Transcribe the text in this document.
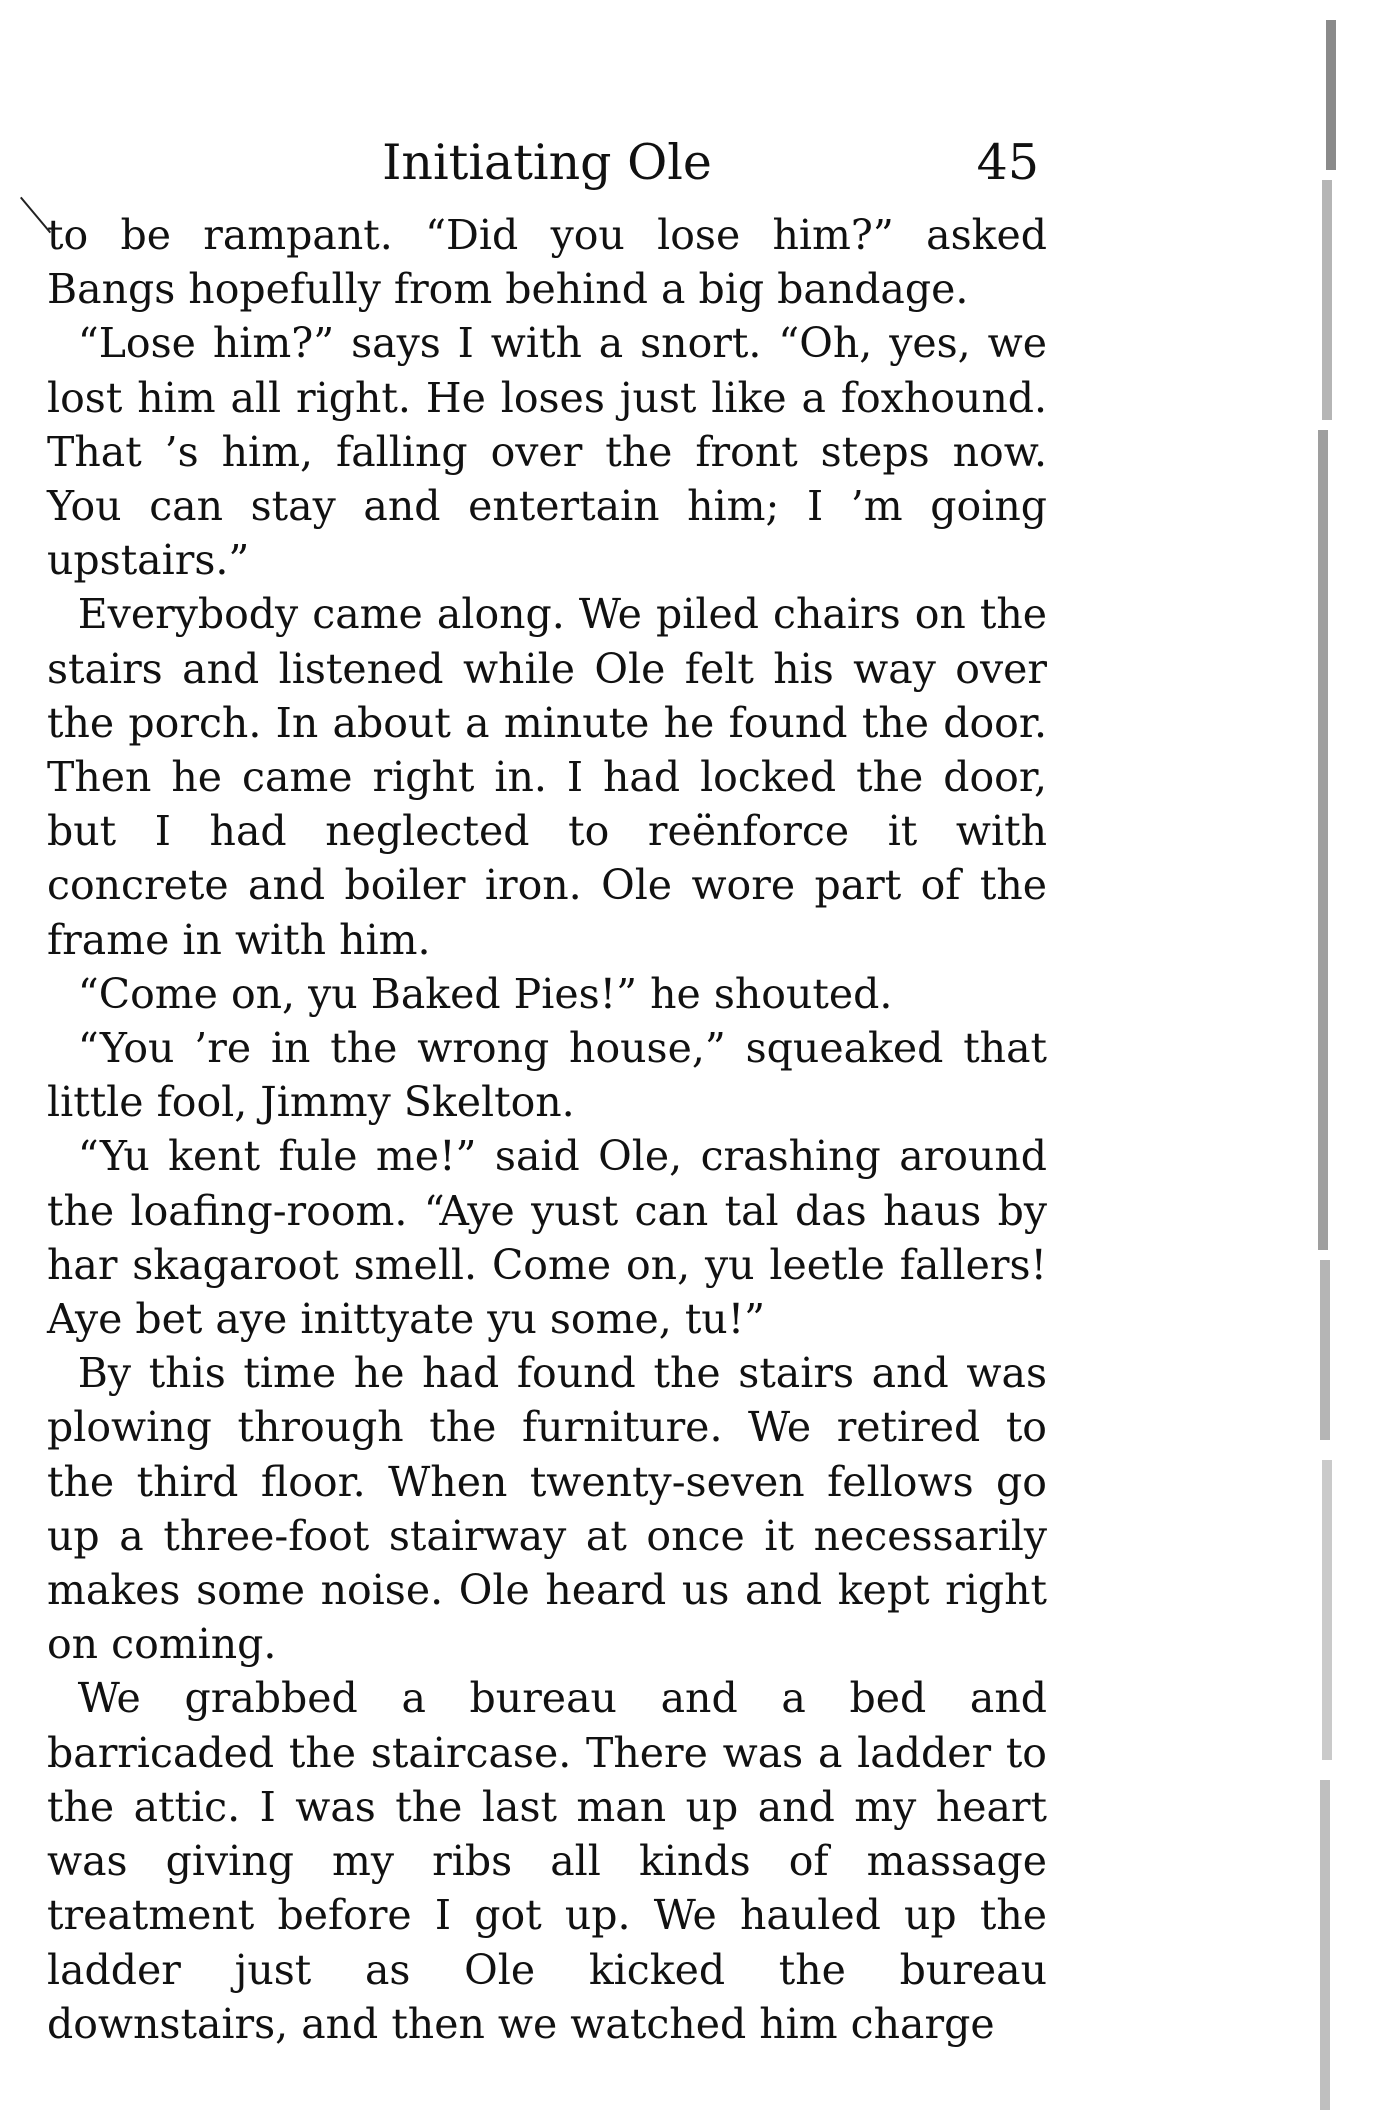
Initiating Ole	45

to be rampant. “Did you lose him?” asked Bangs hopefully from behind a big bandage.

“Lose him?” says I with a snort. “Oh, yes, we lost him all right. He loses just like a foxhound. That ’s him, falling over the front steps now. You can stay and entertain him; I ’m going upstairs.”

Everybody came along. We piled chairs on the stairs and listened while Ole felt his way over the porch. In about a minute he found the door. Then he came right in. I had locked the door, but I had neglected to reënforce it with concrete and boiler iron. Ole wore part of the frame in with him.

“Come on, yu Baked Pies!” he shouted.

“You ’re in the wrong house,” squeaked that little fool, Jimmy Skelton.

“Yu kent fule me!” said Ole, crashing around the loafing-room. “Aye yust can tal das haus by har skagaroot smell. Come on, yu leetle fallers! Aye bet aye inittyate yu some, tu!”

By this time he had found the stairs and was plowing through the furniture. We retired to the third floor. When twenty-seven fellows go up a three-foot stairway at once it necessarily makes some noise. Ole heard us and kept right on coming.

We grabbed a bureau and a bed and barricaded the staircase. There was a ladder to the attic. I was the last man up and my heart was giving my ribs all kinds of massage treatment before I got up. We hauled up the ladder just as Ole kicked the bureau downstairs, and then we watched him charge
